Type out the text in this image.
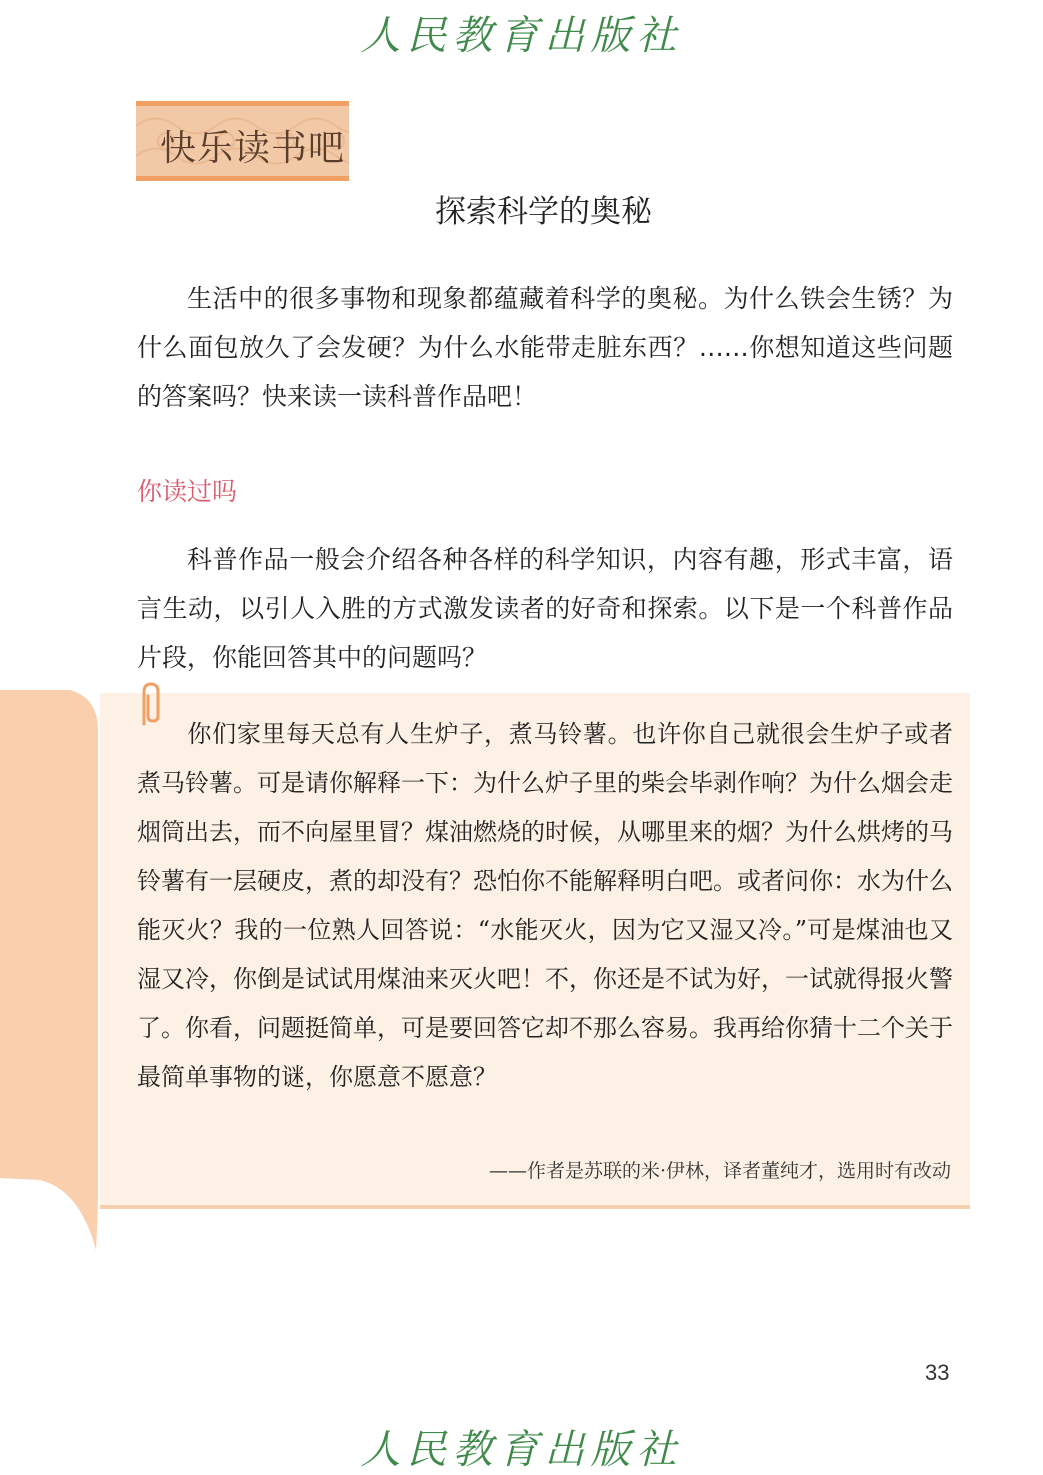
人民教育出版社
快乐读书吧
探索科学的奥秘

生活中的很多事物和现象都蕴藏着科学的奥秘。为什么铁会生锈？为什么面包放久了会发硬？为什么水能带走脏东西？……你想知道这些问题的答案吗？快来读一读科普作品吧！

你读过吗

科普作品一般会介绍各种各样的科学知识，内容有趣，形式丰富，语言生动，以引人入胜的方式激发读者的好奇和探索。以下是一个科普作品片段，你能回答其中的问题吗？

你们家里每天总有人生炉子，煮马铃薯。也许你自己就很会生炉子或者煮马铃薯。可是请你解释一下：为什么炉子里的柴会毕剥作响？为什么烟会走烟筒出去，而不向屋里冒？煤油燃烧的时候，从哪里来的烟？为什么烘烤的马铃薯有一层硬皮，煮的却没有？恐怕你不能解释明白吧。或者问你：水为什么能灭火？我的一位熟人回答说：“水能灭火，因为它又湿又冷。”可是煤油也又湿又冷，你倒是试试用煤油来灭火吧！不，你还是不试为好，一试就得报火警了。你看，问题挺简单，可是要回答它却不那么容易。我再给你猜十二个关于最简单事物的谜，你愿意不愿意？

——作者是苏联的米·伊林，译者董纯才，选用时有改动
33
人民教育出版社
